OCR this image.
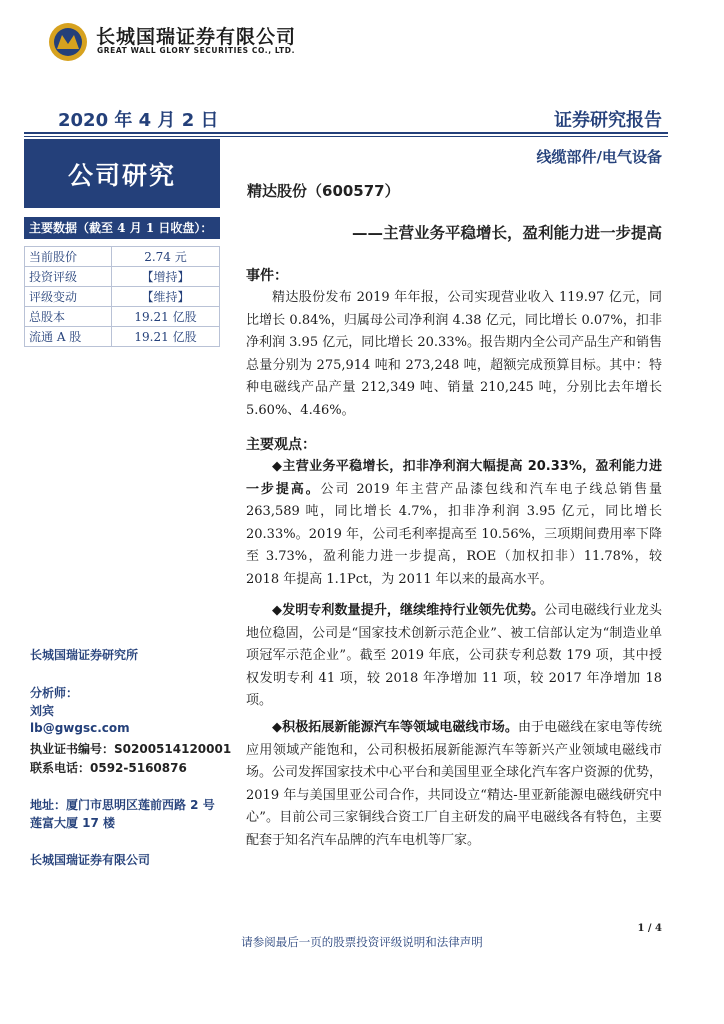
长城国瑞证券有限公司
GREAT WALL GLORY SECURITIES CO., LTD.
2020 年 4 月 2 日	证券研究报告
公司研究
线缆部件/电气设备
精达股份（600577）
——主营业务平稳增长，盈利能力进一步提高
主要数据（截至 4 月 1 日收盘）：
当前股价	2.74 元
投资评级	【增持】
评级变动	【维持】
总股本	19.21 亿股
流通 A 股	19.21 亿股
长城国瑞证券研究所
分析师：
刘宾
lb@gwgsc.com
执业证书编号：S0200514120001
联系电话：0592-5160876
地址：厦门市思明区莲前西路 2 号
莲富大厦 17 楼
长城国瑞证券有限公司
事件：

精达股份发布 2019 年年报，公司实现营业收入 119.97 亿元，同比增长 0.84%，归属母公司净利润 4.38 亿元，同比增长 0.07%，扣非净利润 3.95 亿元，同比增长 20.33%。报告期内全公司产品生产和销售总量分别为 275,914 吨和 273,248 吨，超额完成预算目标。其中：特种电磁线产品产量 212,349 吨、销量 210,245 吨，分别比去年增长 5.60%、4.46%。

主要观点：

◆主营业务平稳增长，扣非净利润大幅提高 20.33%，盈利能力进一步提高。公司 2019 年主营产品漆包线和汽车电子线总销售量 263,589 吨，同比增长 4.7%，扣非净利润 3.95 亿元，同比增长 20.33%。2019 年，公司毛利率提高至 10.56%，三项期间费用率下降至 3.73%，盈利能力进一步提高，ROE（加权扣非）11.78%，较 2018 年提高 1.1Pct，为 2011 年以来的最高水平。

◆发明专利数量提升，继续维持行业领先优势。公司电磁线行业龙头地位稳固，公司是“国家技术创新示范企业”、被工信部认定为“制造业单项冠军示范企业”。截至 2019 年底，公司获专利总数 179 项，其中授权发明专利 41 项，较 2018 年净增加 11 项，较 2017 年净增加 18 项。

◆积极拓展新能源汽车等领域电磁线市场。由于电磁线在家电等传统应用领域产能饱和，公司积极拓展新能源汽车等新兴产业领域电磁线市场。公司发挥国家技术中心平台和美国里亚全球化汽车客户资源的优势，2019 年与美国里亚公司合作，共同设立“精达-里亚新能源电磁线研究中心”。目前公司三家铜线合资工厂自主研发的扁平电磁线各有特色，主要配套于知名汽车品牌的汽车电机等厂家。

1 / 4
请参阅最后一页的股票投资评级说明和法律声明
